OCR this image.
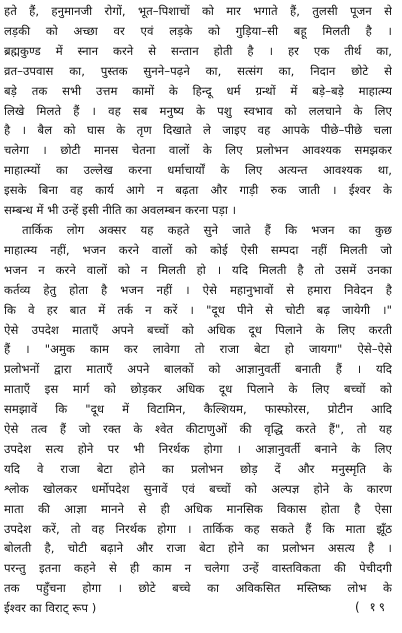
हते हैं, हनुमानजी रोगों, भूत–पिशाचों को मार भगाते हैं, तुलसी पूजन से
लड़की को अच्छा वर एवं लड़के को गुड़िया–सी बहू मिलती है ।
ब्रह्मकुण्ड में स्नान करने से सन्तान होती है । हर एक तीर्थ का,
व्रत–उपवास का, पुस्तक सुनने–पढ़ने का, सत्संग का, निदान छोटे से
बड़े तक सभी उत्तम कामों के हिन्दू धर्म ग्रन्थों में बड़े–बड़े माहात्म्य
लिखे मिलते हैं । वह सब मनुष्य के पशु स्वभाव को ललचाने के लिए
है । बैल को घास के तृण दिखाते ले जाइए वह आपके पीछे–पीछे चला
चलेगा । छोटी मानस चेतना वालों के लिए प्रलोभन आवश्यक समझकर
माहात्म्यों का उल्लेख करना धर्माचार्यों के लिए अत्यन्त आवश्यक था,
इसके बिना वह कार्य आगे न बढ़ता और गाड़ी रुक जाती । ईश्वर के
सम्बन्ध में भी उन्हें इसी नीति का अवलम्बन करना पड़ा ।
तार्किक लोग अक्सर यह कहते सुने जाते हैं कि भजन का कुछ
माहात्म्य नहीं, भजन करने वालों को कोई ऐसी सम्पदा नहीं मिलती जो
भजन न करने वालों को न मिलती हो । यदि मिलती है तो उसमें उनका
कर्तव्य हेतु होता है भजन नहीं । ऐसे महानुभावों से हमारा निवेदन है
कि वे हर बात में तर्क न करें । "दूध पीने से चोटी बढ़ जायेगी ।"
ऐसे उपदेश माताएँ अपने बच्चों को अधिक दूध पिलाने के लिए करती
हैं । "अमुक काम कर लावेगा तो राजा बेटा हो जायगा" ऐसे–ऐसे
प्रलोभनों द्वारा माताएँ अपने बालकों को आज्ञानुवर्ती बनाती हैं । यदि
माताएँ इस मार्ग को छोड़कर अधिक दूध पिलाने के लिए बच्चों को
समझावें कि "दूध में विटामिन, कैल्शियम, फास्फोरस, प्रोटीन आदि
ऐसे तत्व हैं जो रक्त के श्वेत कीटाणुओं की वृद्धि करते हैं", तो यह
उपदेश सत्य होने पर भी निरर्थक होगा । आज्ञानुवर्ती बनाने के लिए
यदि वे राजा बेटा होने का प्रलोभन छोड़ दें और मनुस्मृति के
श्लोक खोलकर धर्मोपदेश सुनावें एवं बच्चों को अल्पज्ञ होने के कारण
माता की आज्ञा मानने से ही अधिक मानसिक विकास होता है ऐसा
उपदेश करें, तो वह निरर्थक होगा । तार्किक कह सकते हैं कि माता झूँठ
बोलती है, चोटी बढ़ाने और राजा बेटा होने का प्रलोभन असत्य है ।
परन्तु इतना कहने से ही काम न चलेगा उन्हें वास्तविकता की पेचीदगी
तक पहुँचना होगा । छोटे बच्चे का अविकसित मस्तिष्क लोभ के
ईश्वर का विराट् रूप )	( १९
